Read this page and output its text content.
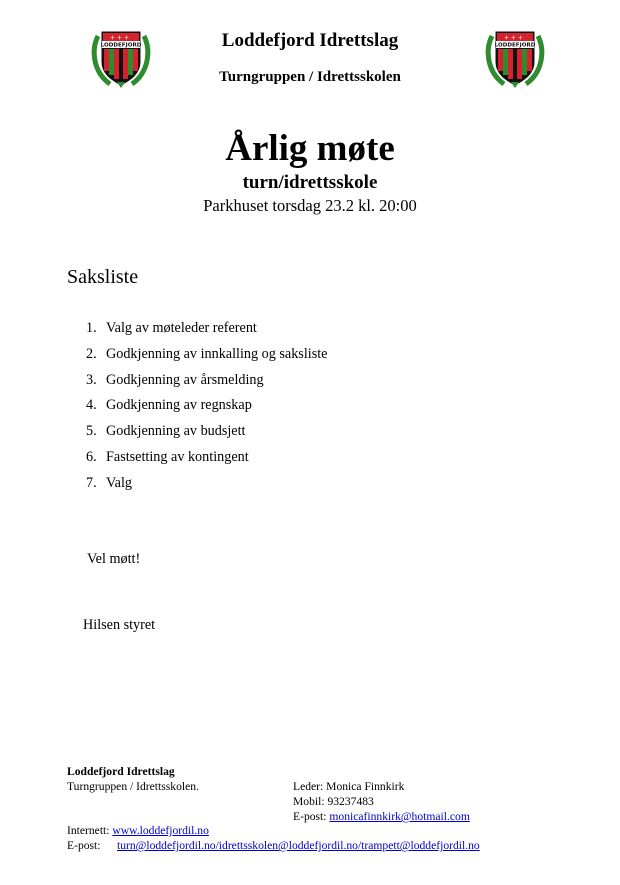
+ + +
LODDEFJORD
+ + +
LODDEFJORD
Loddefjord Idrettslag
Turngruppen / Idrettsskolen
Årlig møte
turn/idrettsskole
Parkhuset torsdag 23.2 kl. 20:00
Saksliste
1. Valg av møteleder referent
2. Godkjenning av innkalling og saksliste
3. Godkjenning av årsmelding
4. Godkjenning av regnskap
5. Godkjenning av budsjett
6. Fastsetting av kontingent
7. Valg
Vel møtt!
Hilsen styret
Loddefjord Idrettslag
Turngruppen / Idrettsskolen.	Leder: Monica Finnkirk
Mobil: 93237483
E-post: monicafinnkirk@hotmail.com
Internett: www.loddefjordil.no
E-post: turn@loddefjordil.no/idrettsskolen@loddefjordil.no/trampett@loddefjordil.no
